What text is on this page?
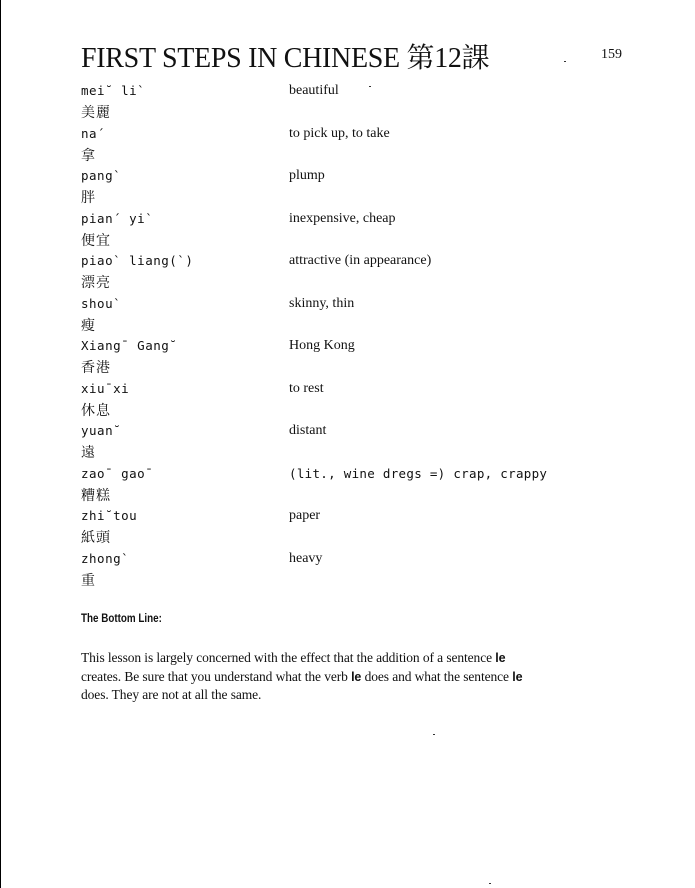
FIRST STEPS IN CHINESE 第12課	159
mei˘ li`
美麗
beautiful
na´
拿
to pick up, to take
pang`
胖
plump
pian´ yi`
便宜
inexpensive, cheap
piao` liang(`)
漂亮
attractive (in appearance)
shou`
瘦
skinny, thin
Xiang¯ Gang˘
香港
Hong Kong
xiu¯xi
休息
to rest
yuan˘
遠
distant
zao¯ gao¯
糟糕
(lit., wine dregs =) crap, crappy
zhi˘tou
紙頭
paper
zhong`
重
heavy
The Bottom Line:
This lesson is largely concerned with the effect that the addition of a sentence le
creates. Be sure that you understand what the verb le does and what the sentence le
does. They are not at all the same.
